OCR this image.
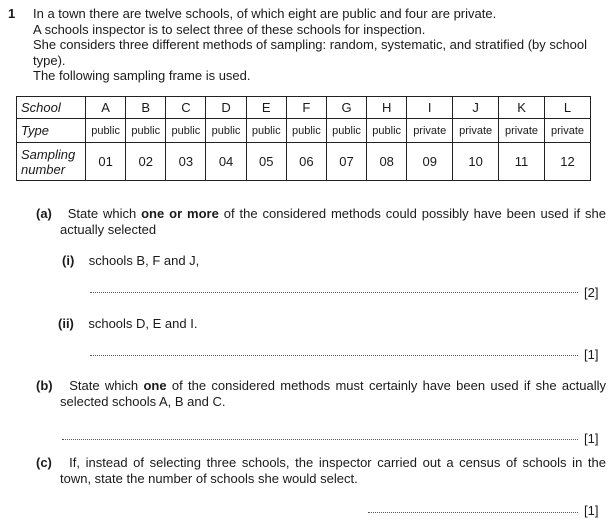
1 In a town there are twelve schools, of which eight are public and four are private.
A schools inspector is to select three of these schools for inspection.
She considers three different methods of sampling: random, systematic, and stratified (by school type).
The following sampling frame is used.
School	A	B	C	D	E	F	G	H	I	J	K	L
Type	public	public	public	public	public	public	public	public	private	private	private	private
Sampling
number	01	02	03	04	05	06	07	08	09	10	11	12
(a) State which one or more of the considered methods could possibly have been used if she actually selected
(i) schools B, F and J,
[2]
(ii) schools D, E and I.
[1]
(b) State which one of the considered methods must certainly have been used if she actually selected schools A, B and C.
[1]
(c) If, instead of selecting three schools, the inspector carried out a census of schools in the town, state the number of schools she would select.
[1]
